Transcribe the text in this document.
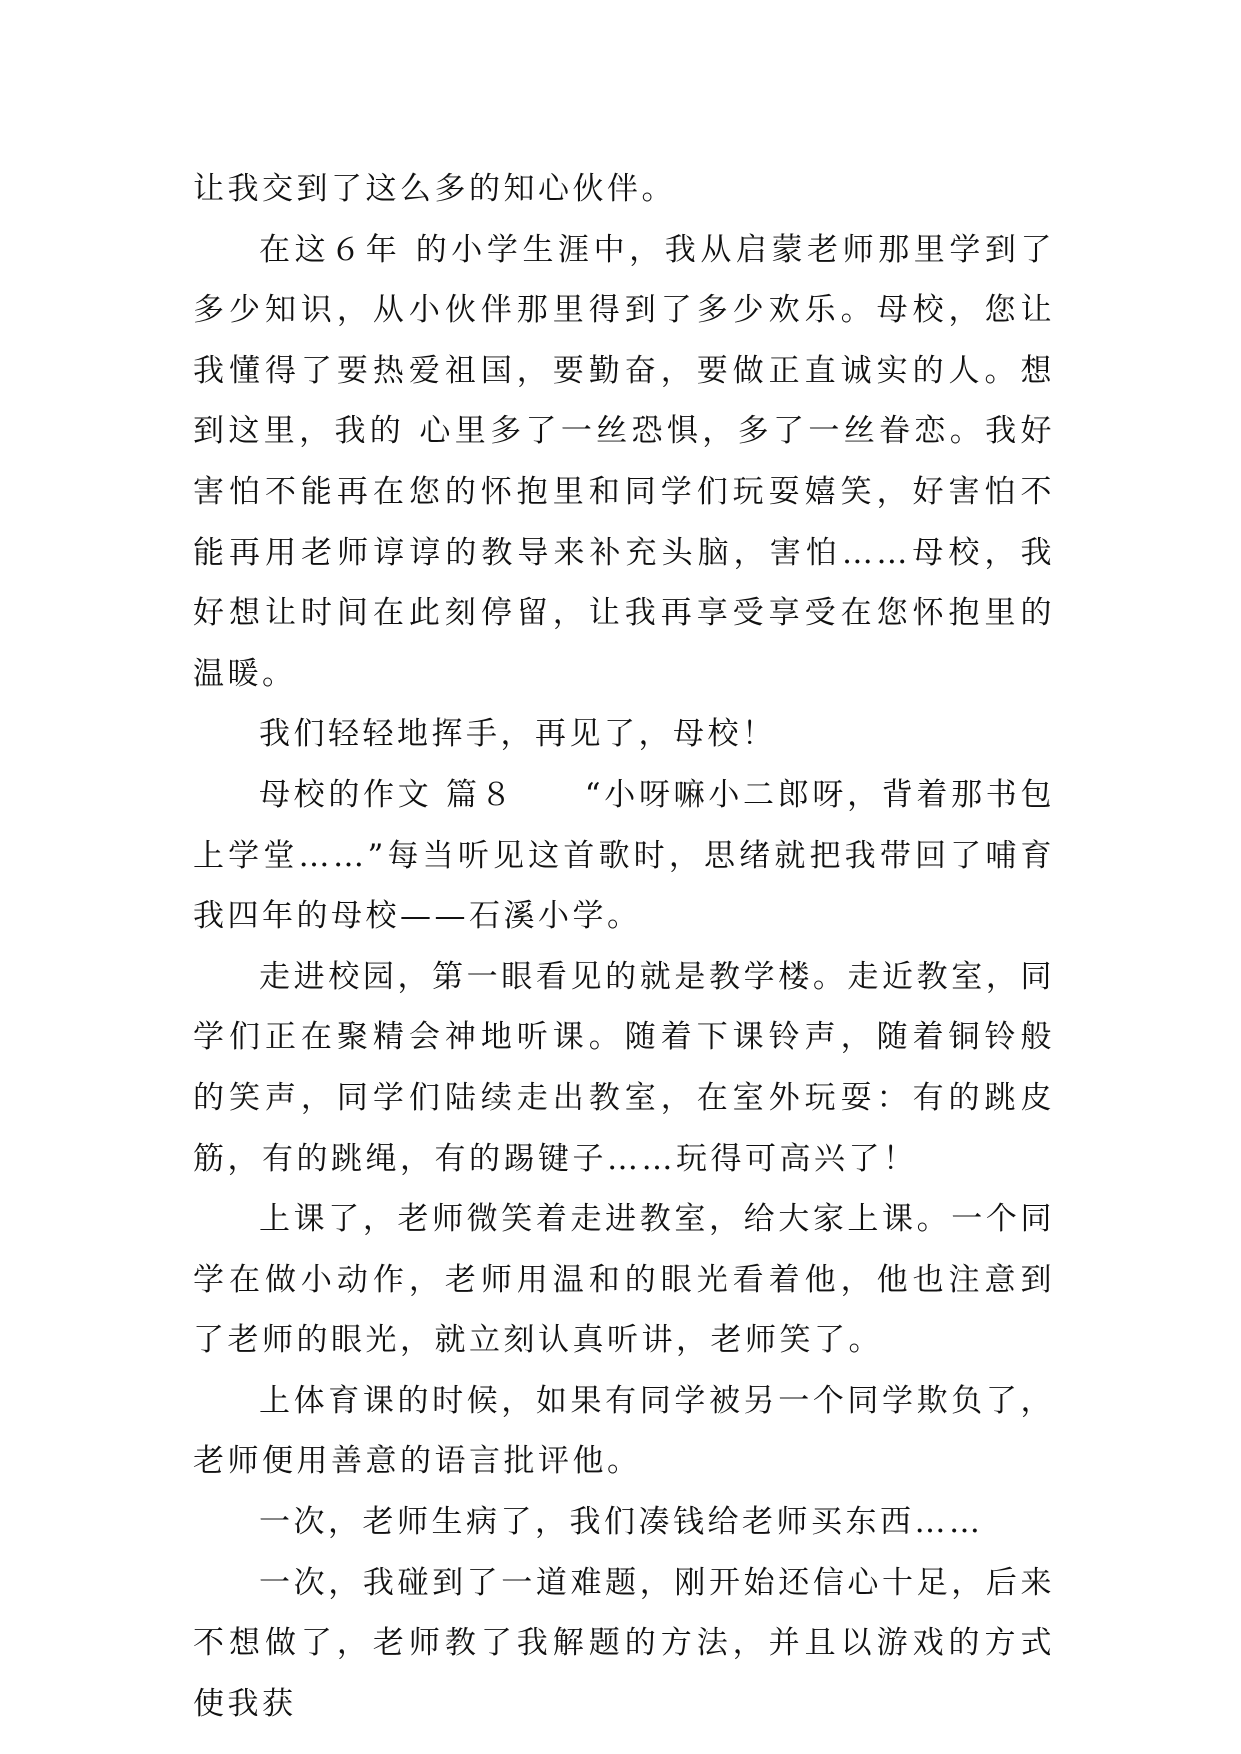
让我交到了这么多的知心伙伴。

在这６年 的小学生涯中，我从启蒙老师那里学到了多少知识，从小伙伴那里得到了多少欢乐。母校，您让我懂得了要热爱祖国，要勤奋，要做正直诚实的人。想到这里，我的 心里多了一丝恐惧，多了一丝眷恋。我好害怕不能再在您的怀抱里和同学们玩耍嬉笑，好害怕不能再用老师谆谆的教导来补充头脑，害怕……母校，我好想让时间在此刻停留，让我再享受享受在您怀抱里的温暖。

我们轻轻地挥手，再见了，母校！

母校的作文 篇８　　“小呀嘛小二郎呀，背着那书包上学堂……”每当听见这首歌时，思绪就把我带回了哺育我四年的母校——石溪小学。

走进校园，第一眼看见的就是教学楼。走近教室，同学们正在聚精会神地听课。随着下课铃声，随着铜铃般的笑声，同学们陆续走出教室，在室外玩耍：有的跳皮筋，有的跳绳，有的踢键子……玩得可高兴了！

上课了，老师微笑着走进教室，给大家上课。一个同学在做小动作，老师用温和的眼光看着他，他也注意到了老师的眼光，就立刻认真听讲，老师笑了。

上体育课的时候，如果有同学被另一个同学欺负了，老师便用善意的语言批评他。

一次，老师生病了，我们凑钱给老师买东西……

一次，我碰到了一道难题，刚开始还信心十足，后来不想做了，老师教了我解题的方法，并且以游戏的方式使我获
